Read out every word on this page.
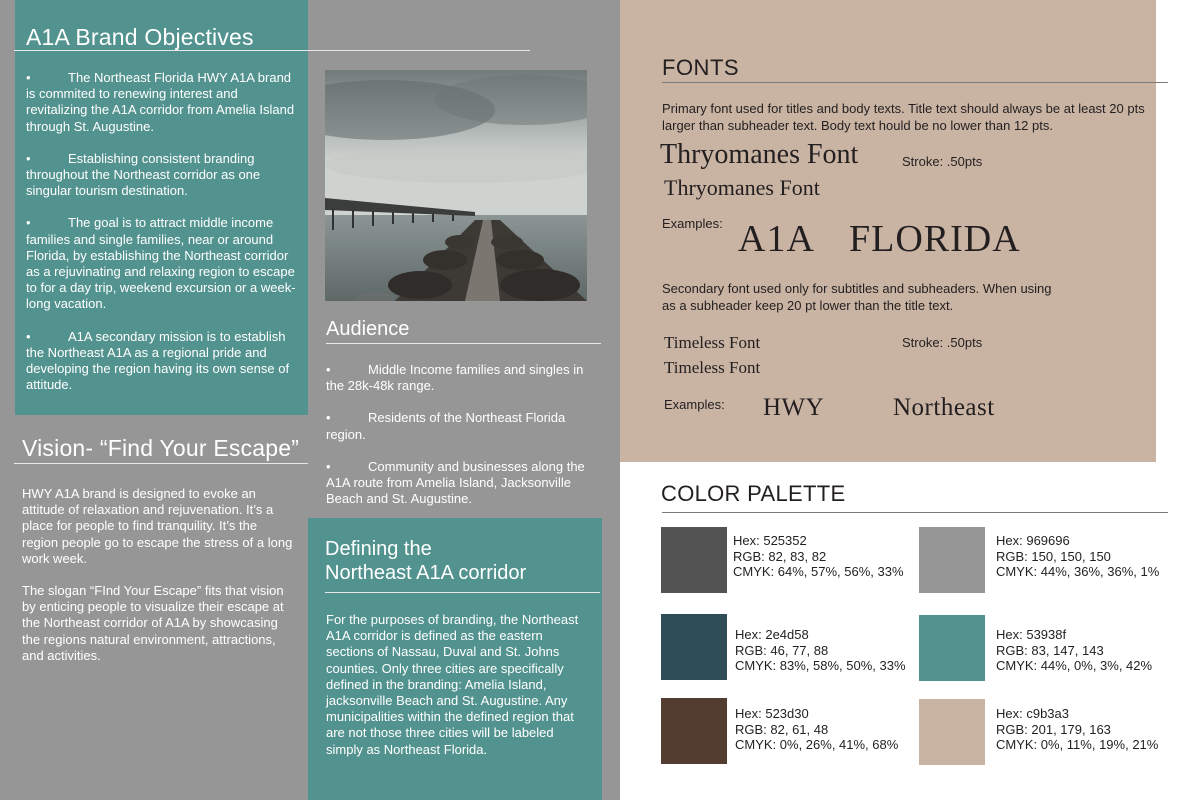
A1A Brand Objectives
•	The Northeast Florida HWY A1A brand is commited to renewing interest and revitalizing the A1A corridor from Amelia Island through St. Augustine.
•	Establishing consistent branding throughout the Northeast corridor as one singular tourism destination.
•	The goal is to attract middle income families and single families, near or around Florida, by establishing the Northeast corridor as a rejuvinating and relaxing region to escape to for a day trip, weekend excursion or a week-long vacation.
•	A1A secondary mission is to establish the Northeast A1A as a regional pride and developing the region having its own sense of attitude.
Vision- “Find Your Escape”

HWY A1A brand is designed to evoke an attitude of relaxation and rejuvenation. It’s a place for people to find tranquility. It’s the region people go to escape the stress of a long work week.

The slogan “FInd Your Escape” fits that vision by enticing people to visualize their escape at the Northeast corridor of A1A by showcasing the regions natural environment, attractions, and activities.

Audience
•	Middle Income families and singles in the 28k-48k range.
•	Residents of the Northeast Florida region.
•	Community and businesses along the A1A route from Amelia Island, Jacksonville Beach and St. Augustine.
Defining the
Northeast A1A corridor
For the purposes of branding, the Northeast A1A corridor is defined as the eastern sections of Nassau, Duval and St. Johns counties. Only three cities are specifically defined in the branding: Amelia Island, jacksonville Beach and St. Augustine. Any municipalities within the defined region that are not those three cities will be labeled simply as Northeast Florida.
FONTS
Primary font used for titles and body texts. Title text should always be at least 20 pts larger than subheader text. Body text hould be no lower than 12 pts.
Thryomanes Font
Thryomanes Font
Stroke: .50pts
Examples: A1A FLORIDA
Secondary font used only for subtitles and subheaders. When using as a subheader keep 20 pt lower than the title text.
Timeless Font
Timeless Font
Stroke: .50pts
Examples: HWY	Northeast
COLOR PALETTE
Hex: 525352
RGB: 82, 83, 82
CMYK: 64%, 57%, 56%, 33%
Hex: 969696
RGB: 150, 150, 150
CMYK: 44%, 36%, 36%, 1%
Hex: 2e4d58
RGB: 46, 77, 88
CMYK: 83%, 58%, 50%, 33%
Hex: 53938f
RGB: 83, 147, 143
CMYK: 44%, 0%, 3%, 42%
Hex: 523d30
RGB: 82, 61, 48
CMYK: 0%, 26%, 41%, 68%
Hex: c9b3a3
RGB: 201, 179, 163
CMYK: 0%, 11%, 19%, 21%
